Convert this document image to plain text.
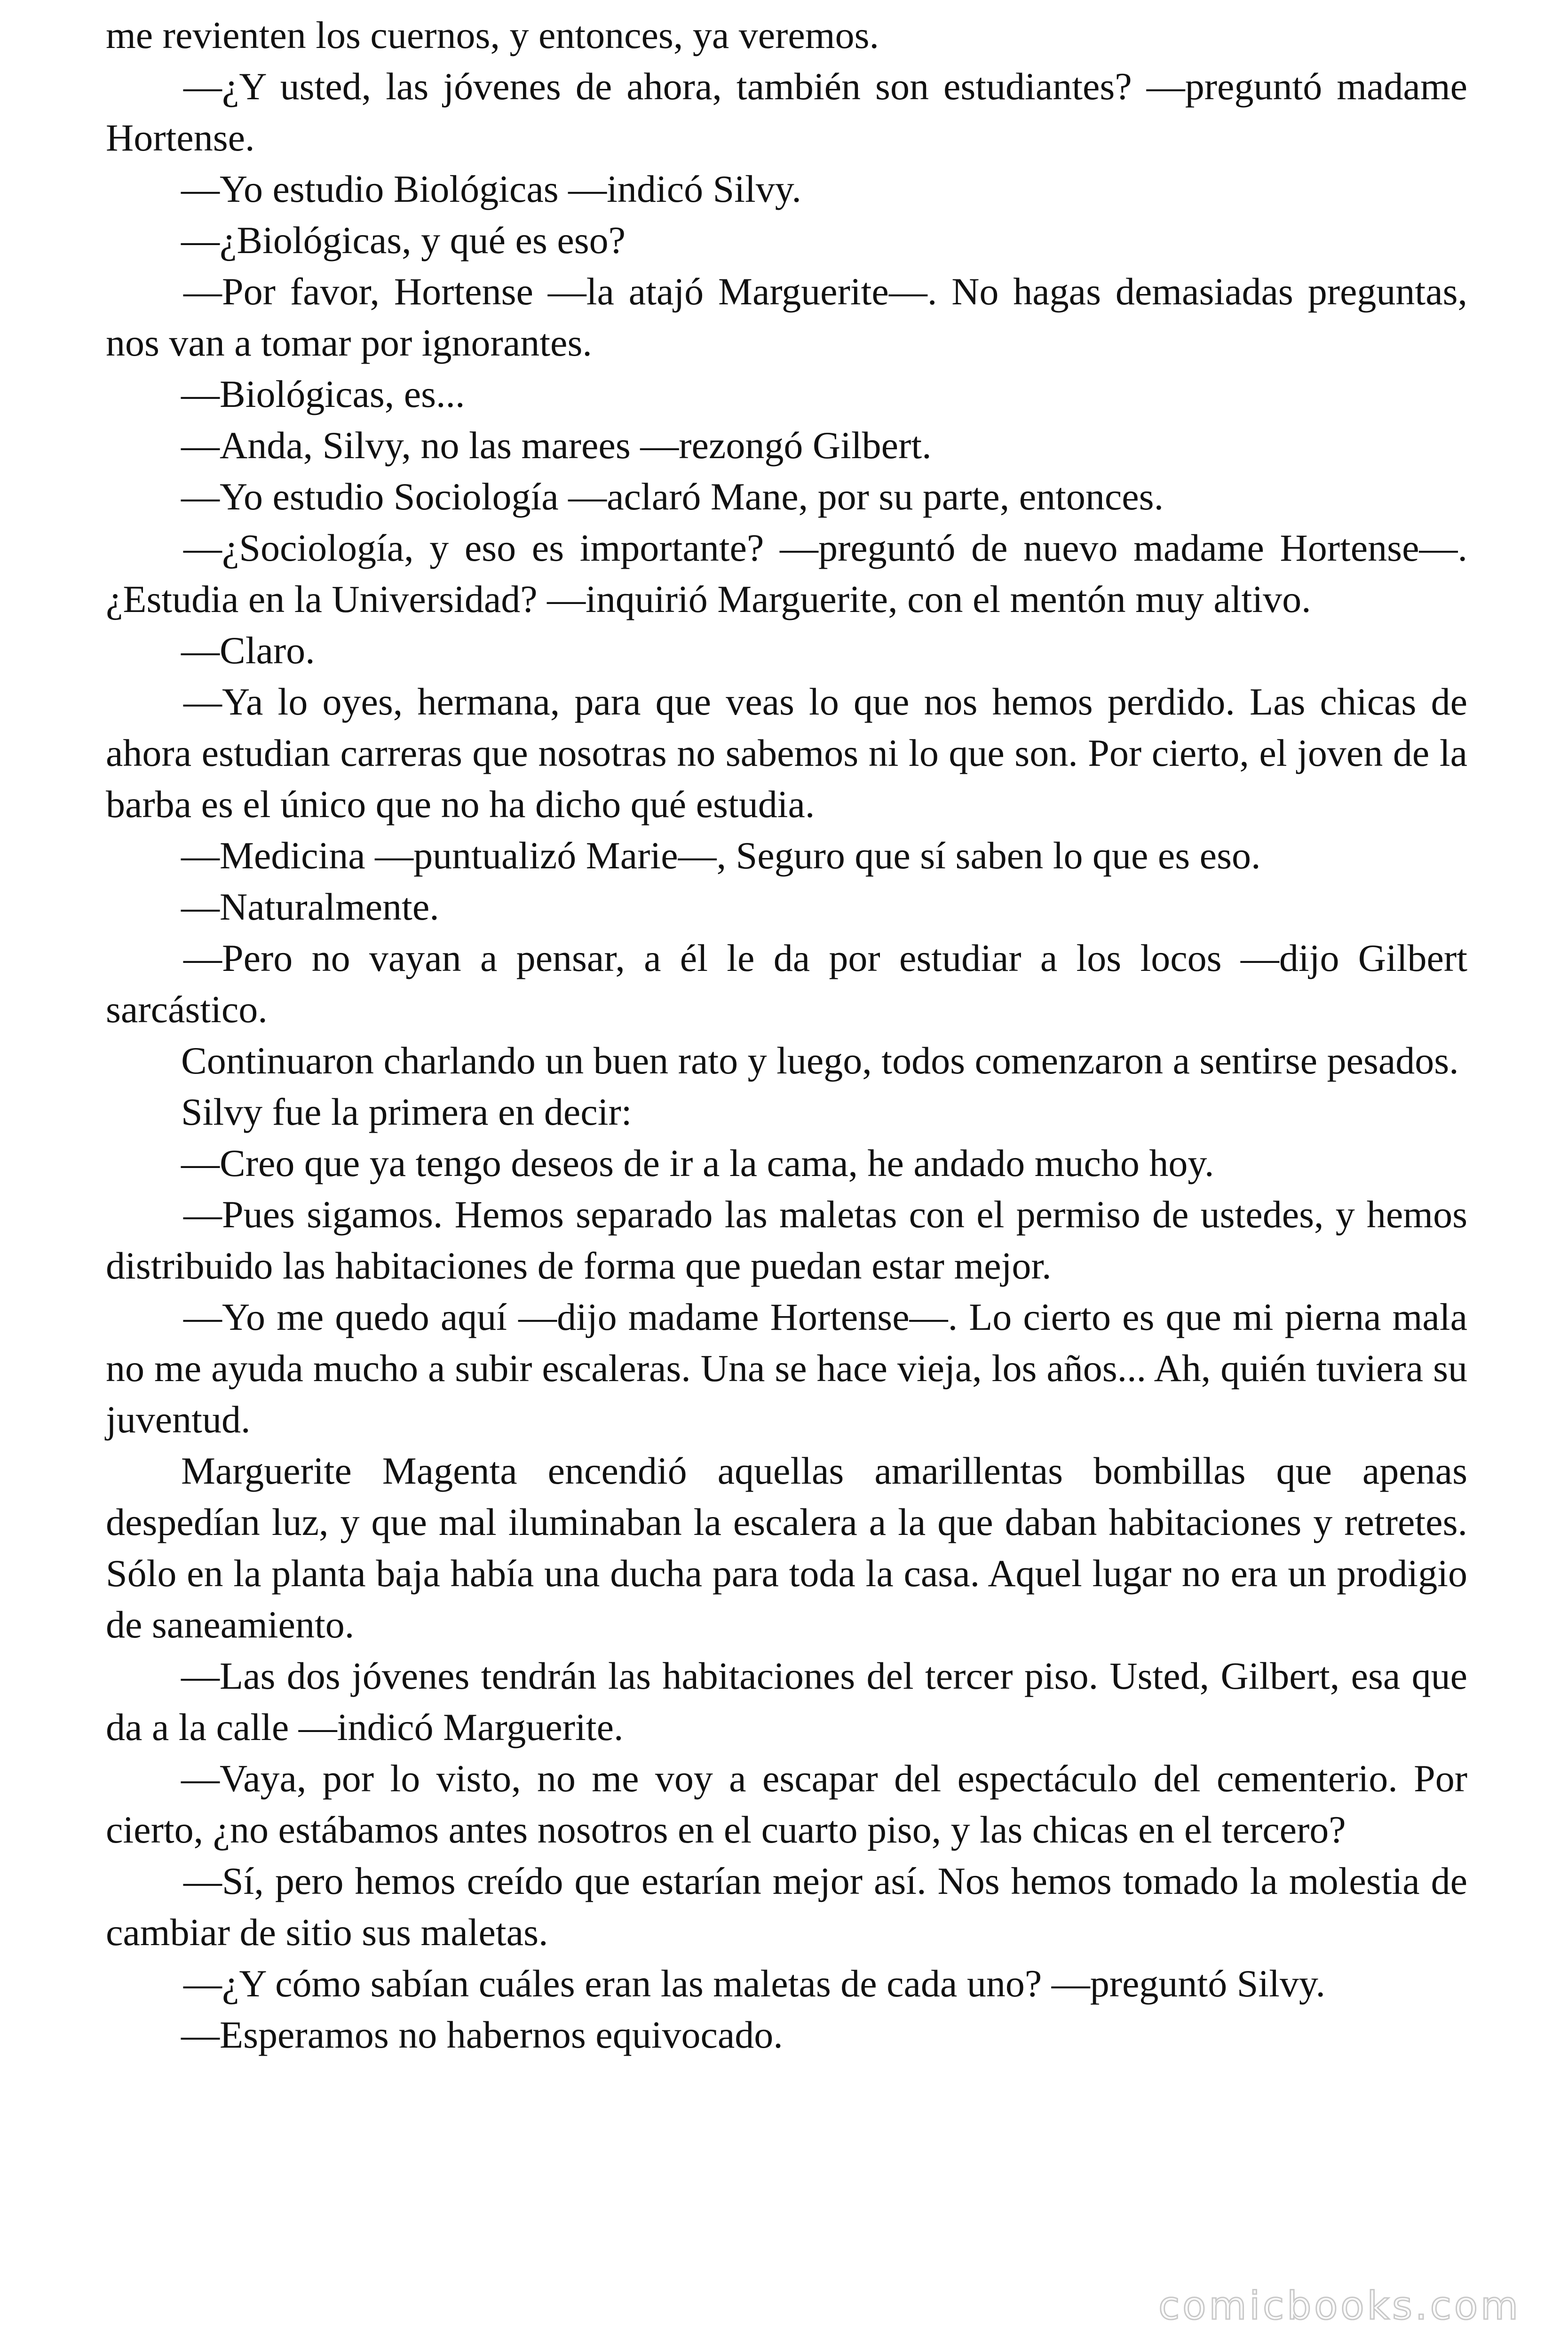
me revienten los cuernos, y entonces, ya veremos.

—¿Y usted, las jóvenes de ahora, también son estudiantes? —preguntó madame Hortense.

—Yo estudio Biológicas —indicó Silvy.

—¿Biológicas, y qué es eso?

—Por favor, Hortense —la atajó Marguerite—. No hagas demasiadas preguntas, nos van a tomar por ignorantes.

—Biológicas, es...

—Anda, Silvy, no las marees —rezongó Gilbert.

—Yo estudio Sociología —aclaró Mane, por su parte, entonces.

—¿Sociología, y eso es importante? —preguntó de nuevo madame Hortense—. ¿Estudia en la Universidad? —inquirió Marguerite, con el mentón muy altivo.

—Claro.

—Ya lo oyes, hermana, para que veas lo que nos hemos perdido. Las chicas de ahora estudian carreras que nosotras no sabemos ni lo que son. Por cierto, el joven de la barba es el único que no ha dicho qué estudia.

—Medicina —puntualizó Marie—, Seguro que sí saben lo que es eso.

—Naturalmente.

—Pero no vayan a pensar, a él le da por estudiar a los locos —dijo Gilbert sarcástico.

Continuaron charlando un buen rato y luego, todos comenzaron a sentirse pesados.

Silvy fue la primera en decir:

—Creo que ya tengo deseos de ir a la cama, he andado mucho hoy.

—Pues sigamos. Hemos separado las maletas con el permiso de ustedes, y hemos distribuido las habitaciones de forma que puedan estar mejor.

—Yo me quedo aquí —dijo madame Hortense—. Lo cierto es que mi pierna mala no me ayuda mucho a subir escaleras. Una se hace vieja, los años... Ah, quién tuviera su juventud.

Marguerite Magenta encendió aquellas amarillentas bombillas que apenas despedían luz, y que mal iluminaban la escalera a la que daban habitaciones y retretes. Sólo en la planta baja había una ducha para toda la casa. Aquel lugar no era un prodigio de saneamiento.

—Las dos jóvenes tendrán las habitaciones del tercer piso. Usted, Gilbert, esa que da a la calle —indicó Marguerite.

—Vaya, por lo visto, no me voy a escapar del espectáculo del cementerio. Por cierto, ¿no estábamos antes nosotros en el cuarto piso, y las chicas en el tercero?

—Sí, pero hemos creído que estarían mejor así. Nos hemos tomado la molestia de cambiar de sitio sus maletas.

—¿Y cómo sabían cuáles eran las maletas de cada uno? —preguntó Silvy.

—Esperamos no habernos equivocado.

comicbooks.com
